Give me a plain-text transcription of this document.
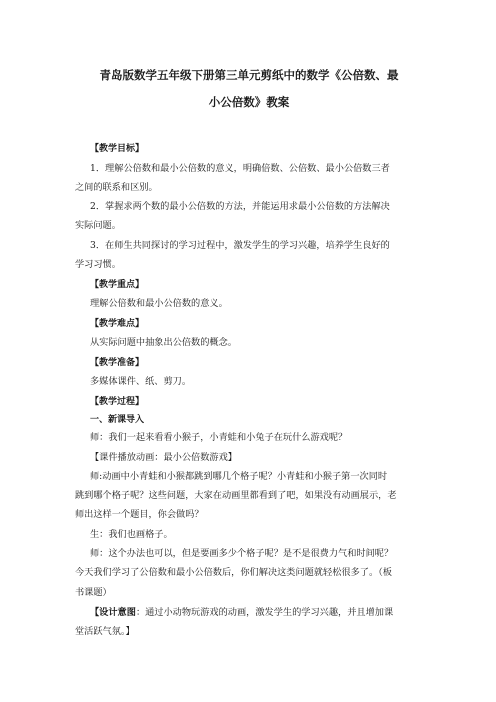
青岛版数学五年级下册第三单元剪纸中的数学《公倍数、最
小公倍数》教案

【教学目标】

1．理解公倍数和最小公倍数的意义，明确倍数、公倍数、最小公倍数三者

之间的联系和区别。

2．掌握求两个数的最小公倍数的方法，并能运用求最小公倍数的方法解决

实际问题。

3．在师生共同探讨的学习过程中，激发学生的学习兴趣，培养学生良好的

学习习惯。

【教学重点】

理解公倍数和最小公倍数的意义。

【教学难点】

从实际问题中抽象出公倍数的概念。

【教学准备】

多媒体课件、纸、剪刀。

【教学过程】

一、新课导入

师：我们一起来看看小猴子，小青蛙和小兔子在玩什么游戏呢？

【课件播放动画：最小公倍数游戏】

师:动画中小青蛙和小猴都跳到哪几个格子呢？小青蛙和小猴子第一次同时

跳到哪个格子呢？这些问题，大家在动画里都看到了吧，如果没有动画展示，老

师出这样一个题目，你会做吗？

生：我们也画格子。

师：这个办法也可以，但是要画多少个格子呢？是不是很费力气和时间呢？

今天我们学习了公倍数和最小公倍数后，你们解决这类问题就轻松很多了。（板

书课题）

【设计意图：通过小动物玩游戏的动画，激发学生的学习兴趣，并且增加课

堂活跃气氛。】
